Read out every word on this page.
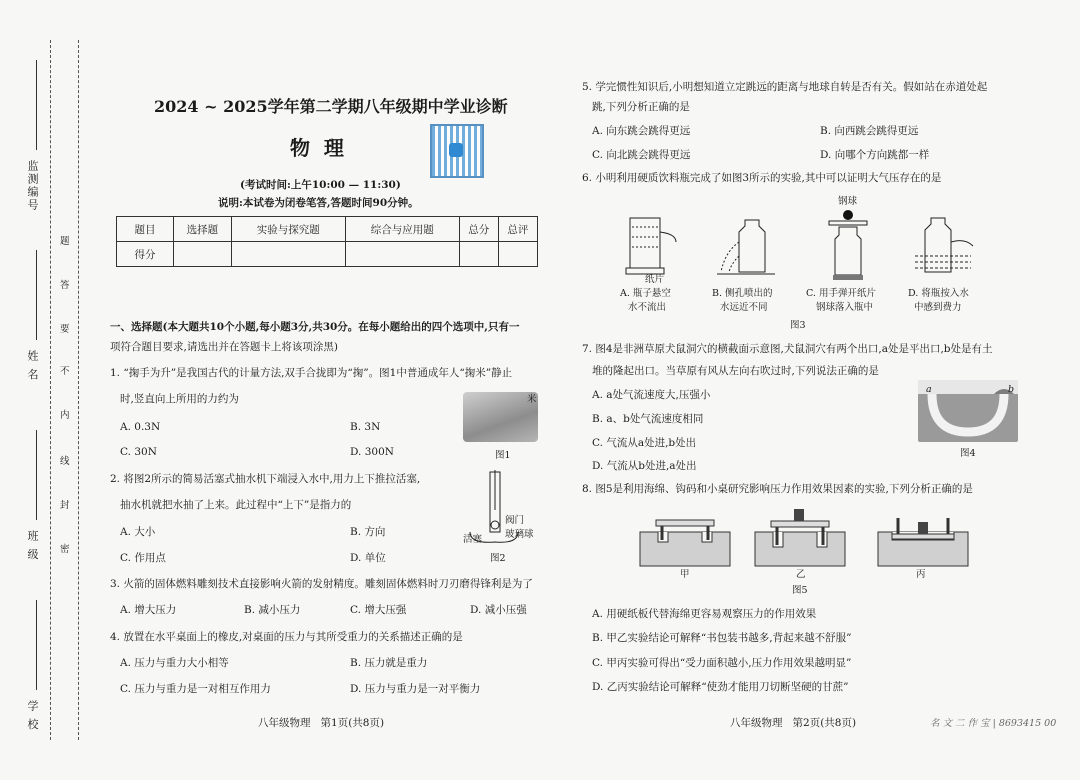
监测编号
姓 名
班 级
学 校
题
答
要
不
内
线
封
密
2024 ~ 2025学年第二学期八年级期中学业诊断
物  理
(考试时间:上午10:00 — 11:30)
说明:本试卷为闭卷笔答,答题时间90分钟。
题目	选择题	实验与探究题	综合与应用题	总分	总评
得分					
一、选择题(本大题共10个小题,每小题3分,共30分。在每小题给出的四个选项中,只有一
项符合题目要求,请选出并在答题卡上将该项涂黑)
1. “掬手为升”是我国古代的计量方法,双手合拢即为“掬”。图1中普通成年人“掬米”静止
时,竖直向上所用的力约为
A. 0.3N	B. 3N
C. 30N	D. 300N
米
图1
2. 将图2所示的简易活塞式抽水机下端浸入水中,用力上下推拉活塞,
抽水机就把水抽了上来。此过程中“上下”是指力的
A. 大小	B. 方向
C. 作用点	D. 单位
阀门
玻璃球
活塞
图2
3. 火箭的固体燃料雕刻技术直接影响火箭的发射精度。雕刻固体燃料时刀刃磨得锋利是为了
A. 增大压力	B. 减小压力	C. 增大压强	D. 减小压强
4. 放置在水平桌面上的橡皮,对桌面的压力与其所受重力的关系描述正确的是
A. 压力与重力大小相等	B. 压力就是重力
C. 压力与重力是一对相互作用力	D. 压力与重力是一对平衡力
八年级物理   第1页(共8页)
5. 学完惯性知识后,小明想知道立定跳远的距离与地球自转是否有关。假如站在赤道处起
跳,下列分析正确的是
A. 向东跳会跳得更远	B. 向西跳会跳得更远
C. 向北跳会跳得更远	D. 向哪个方向跳都一样
6. 小明利用硬质饮料瓶完成了如图3所示的实验,其中可以证明大气压存在的是
钢球
纸片
A. 瓶子悬空
水不流出
B. 侧孔喷出的
水远近不同
C. 用手弹开纸片
钢球落入瓶中
D. 将瓶按入水
中感到费力
图3
7. 图4是非洲草原犬鼠洞穴的横截面示意图,犬鼠洞穴有两个出口,a处是平出口,b处是有土
堆的隆起出口。当草原有风从左向右吹过时,下列说法正确的是
A. a处气流速度大,压强小
B. a、b处气流速度相同
C. 气流从a处进,b处出
D. 气流从b处进,a处出
a	b
图4
8. 图5是利用海绵、钩码和小桌研究影响压力作用效果因素的实验,下列分析正确的是
甲	乙	丙
图5
A. 用硬纸板代替海绵更容易观察压力的作用效果
B. 甲乙实验结论可解释“书包装书越多,背起来越不舒服”
C. 甲丙实验可得出“受力面积越小,压力作用效果越明显”
D. 乙丙实验结论可解释“使劲才能用刀切断坚硬的甘蔗”
八年级物理   第2页(共8页)	名 文 二 作 宝 | 8693415 00
